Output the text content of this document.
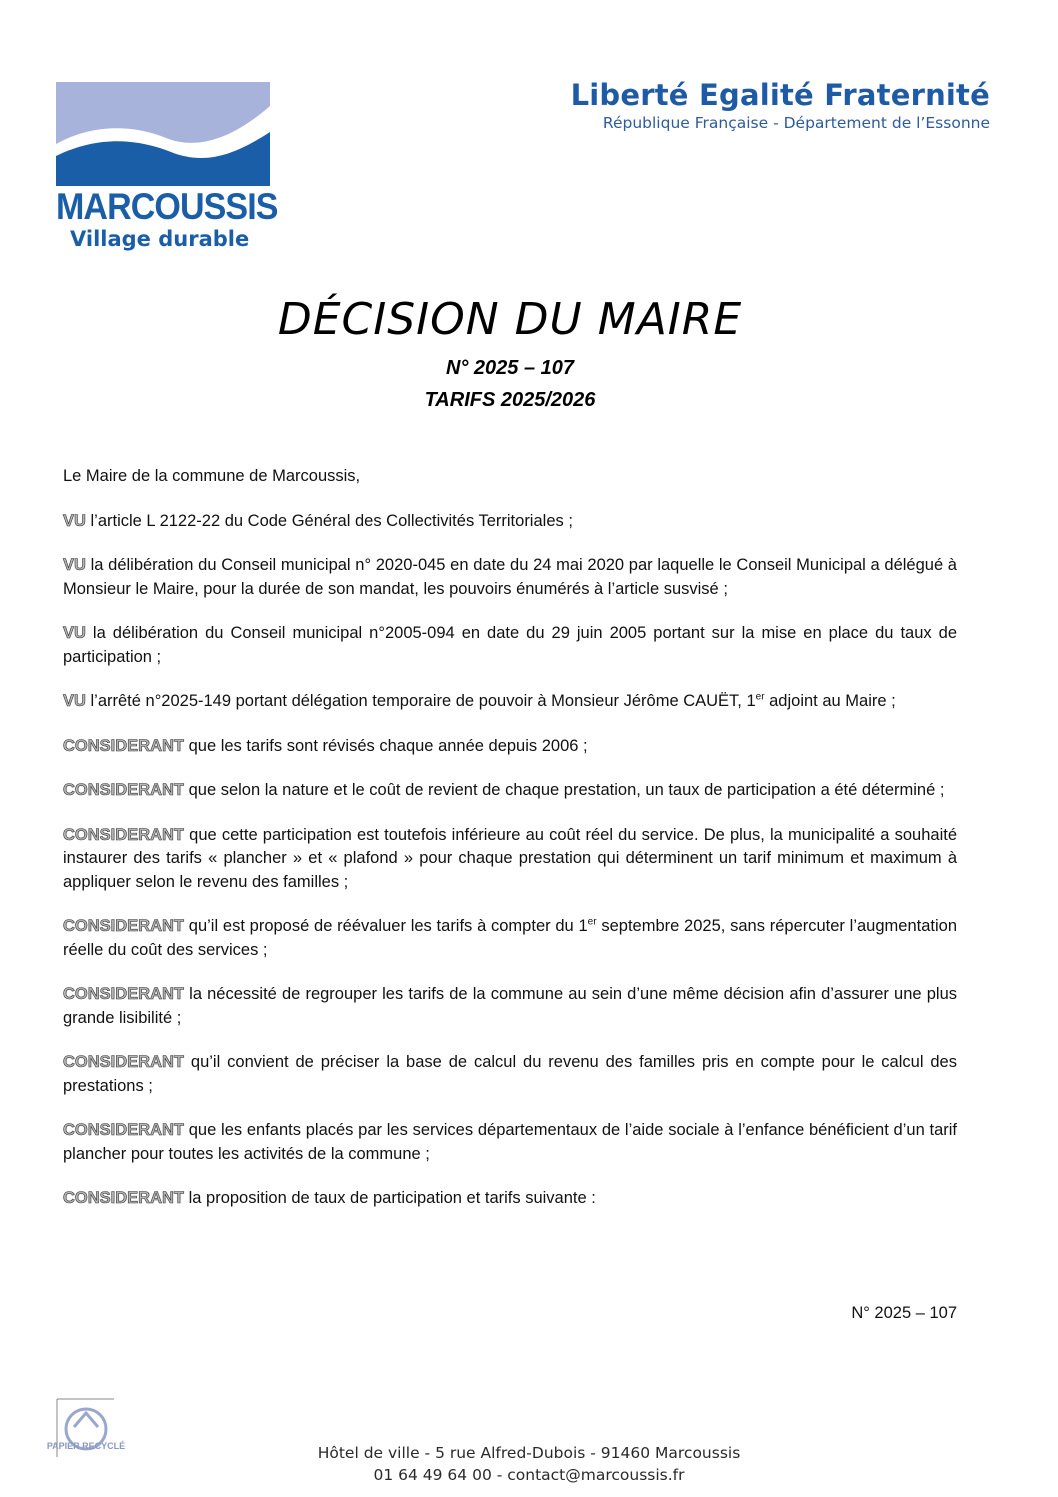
MARCOUSSIS
Village durable
Liberté Egalité Fraternité
République Française - Département de l’Essonne
DÉCISION DU MAIRE
N° 2025 – 107
TARIFS 2025/2026

Le Maire de la commune de Marcoussis,

VU l’article L 2122-22 du Code Général des Collectivités Territoriales ;

VU la délibération du Conseil municipal n° 2020-045 en date du 24 mai 2020 par laquelle le Conseil Municipal a délégué à Monsieur le Maire, pour la durée de son mandat, les pouvoirs énumérés à l’article susvisé ;

VU la délibération du Conseil municipal n°2005-094 en date du 29 juin 2005 portant sur la mise en place du taux de participation ;

VU l’arrêté n°2025-149 portant délégation temporaire de pouvoir à Monsieur Jérôme CAUËT, 1er adjoint au Maire ;

CONSIDERANT que les tarifs sont révisés chaque année depuis 2006 ;

CONSIDERANT que selon la nature et le coût de revient de chaque prestation, un taux de participation a été déterminé ;

CONSIDERANT que cette participation est toutefois inférieure au coût réel du service. De plus, la municipalité a souhaité instaurer des tarifs « plancher » et « plafond » pour chaque prestation qui déterminent un tarif minimum et maximum à appliquer selon le revenu des familles ;

CONSIDERANT qu’il est proposé de réévaluer les tarifs à compter du 1er septembre 2025, sans répercuter l’augmentation réelle du coût des services ;

CONSIDERANT la nécessité de regrouper les tarifs de la commune au sein d’une même décision afin d’assurer une plus grande lisibilité ;

CONSIDERANT qu’il convient de préciser la base de calcul du revenu des familles pris en compte pour le calcul des prestations ;

CONSIDERANT que les enfants placés par les services départementaux de l’aide sociale à l’enfance bénéficient d’un tarif plancher pour toutes les activités de la commune ;

CONSIDERANT la proposition de taux de participation et tarifs suivante :

N° 2025 – 107
PAPIER RECYCLÉ	Hôtel de ville - 5 rue Alfred-Dubois - 91460 Marcoussis
01 64 49 64 00 - contact@marcoussis.fr
